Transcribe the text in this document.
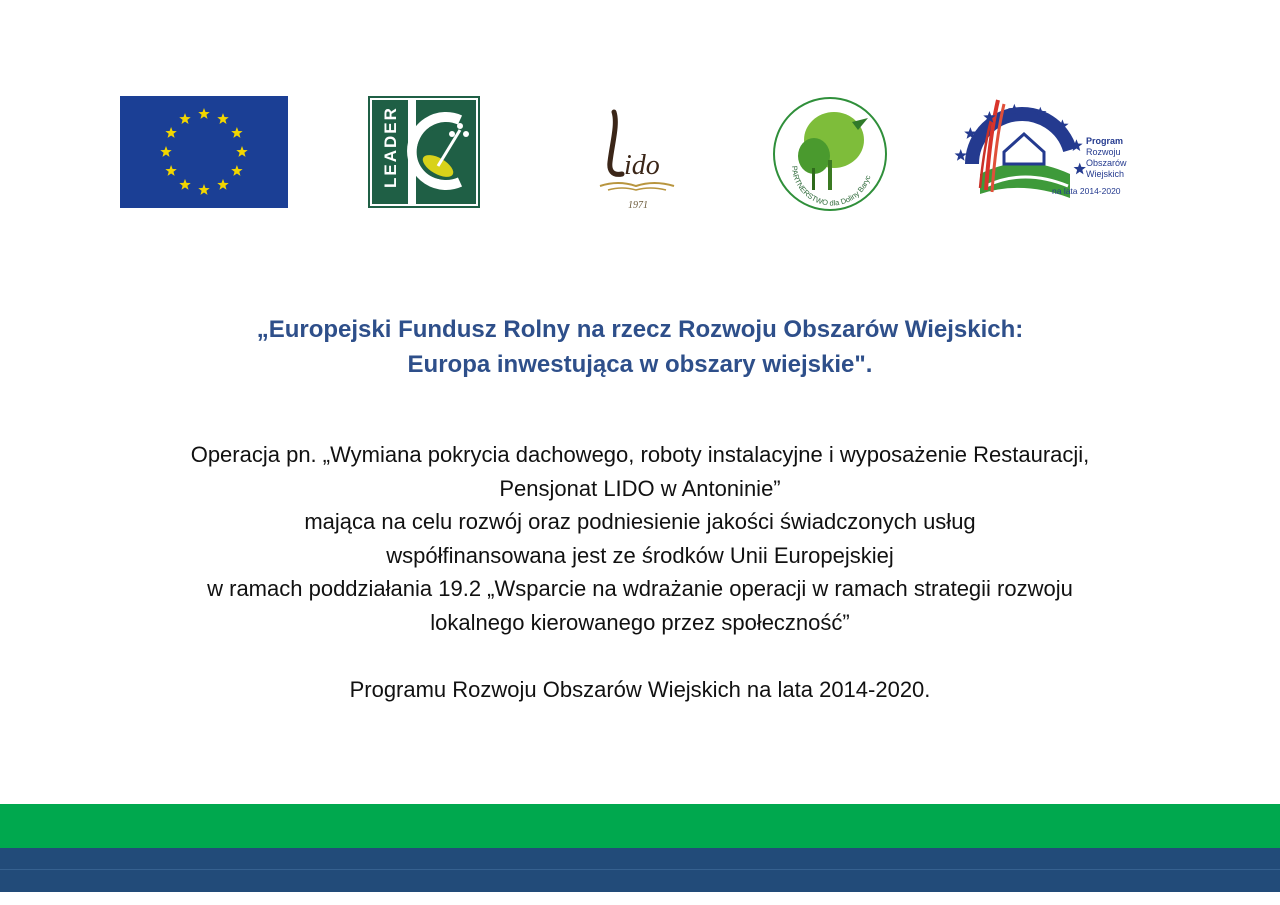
LEADER	ido
1971
PARTNERSTWO dla Doliny Baryc
Program
Rozwoju
Obszarów
Wiejskich
na lata 2014-2020
„Europejski Fundusz Rolny na rzecz Rozwoju Obszarów Wiejskich:
Europa inwestująca w obszary wiejskie".
Operacja pn. „Wymiana pokrycia dachowego, roboty instalacyjne i wyposażenie Restauracji,
Pensjonat LIDO w Antoninie”
mająca na celu rozwój oraz podniesienie jakości świadczonych usług
współfinansowana jest ze środków Unii Europejskiej
w ramach poddziałania 19.2 „Wsparcie na wdrażanie operacji w ramach strategii rozwoju
lokalnego kierowanego przez społeczność”
Programu Rozwoju Obszarów Wiejskich na lata 2014-2020.
